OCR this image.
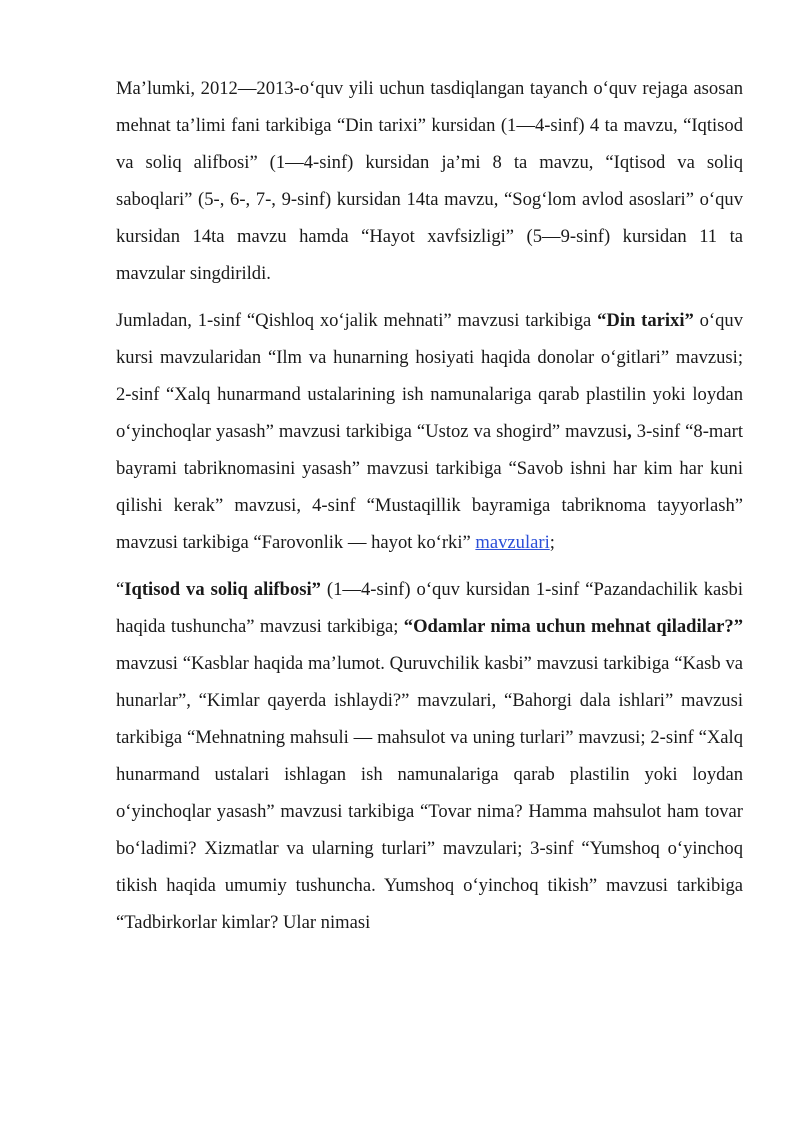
Ma’lumki, 2012—2013-o‘quv yili uchun tasdiqlangan tayanch o‘quv rejaga asosan mehnat ta’limi fani tarkibiga “Din tarixi” kursidan (1—4-sinf) 4 ta mavzu, “Iqtisod va soliq alifbosi” (1—4-sinf) kursidan ja’mi 8 ta mavzu, “Iqtisod va soliq saboqlari” (5-, 6-, 7-, 9-sinf) kursidan 14ta mavzu, “Sog‘lom avlod asoslari” o‘quv kursidan 14ta mavzu hamda “Hayot xavfsizligi” (5—9-sinf) kursidan 11 ta mavzular singdirildi.

Jumladan, 1-sinf “Qishloq xo‘jalik mehnati” mavzusi tarkibiga “Din tarixi” o‘quv kursi mavzularidan “Ilm va hunarning hosiyati haqida donolar o‘gitlari” mavzusi; 2-sinf “Xalq hunarmand ustalarining ish namunalariga qarab plastilin yoki loydan o‘yinchoqlar yasash” mavzusi tarkibiga “Ustoz va shogird” mavzusi, 3-sinf “8-mart bayrami tabriknomasini yasash” mavzusi tarkibiga “Savob ishni har kim har kuni qilishi kerak” mavzusi, 4-sinf “Mustaqillik bayramiga tabriknoma tayyorlash” mavzusi tarkibiga “Farovonlik — hayot ko‘rki” mavzulari;

“Iqtisod va soliq alifbosi” (1—4-sinf) o‘quv kursidan 1-sinf “Pazandachilik kasbi haqida tushuncha” mavzusi tarkibiga; “Odamlar nima uchun mehnat qiladilar?” mavzusi “Kasblar haqida ma’lumot. Quruvchilik kasbi” mavzusi tarkibiga “Kasb va hunarlar”, “Kimlar qayerda ishlaydi?” mavzulari, “Bahorgi dala ishlari” mavzusi tarkibiga “Mehnatning mahsuli — mahsulot va uning turlari” mavzusi; 2-sinf “Xalq hunarmand ustalari ishlagan ish namunalariga qarab plastilin yoki loydan o‘yinchoqlar yasash” mavzusi tarkibiga “Tovar nima? Hamma mahsulot ham tovar bo‘ladimi? Xizmatlar va ularning turlari” mavzulari; 3-sinf “Yumshoq o‘yinchoq tikish haqida umumiy tushuncha. Yumshoq o‘yinchoq tikish” mavzusi tarkibiga “Tadbirkorlar kimlar? Ular nimasi
